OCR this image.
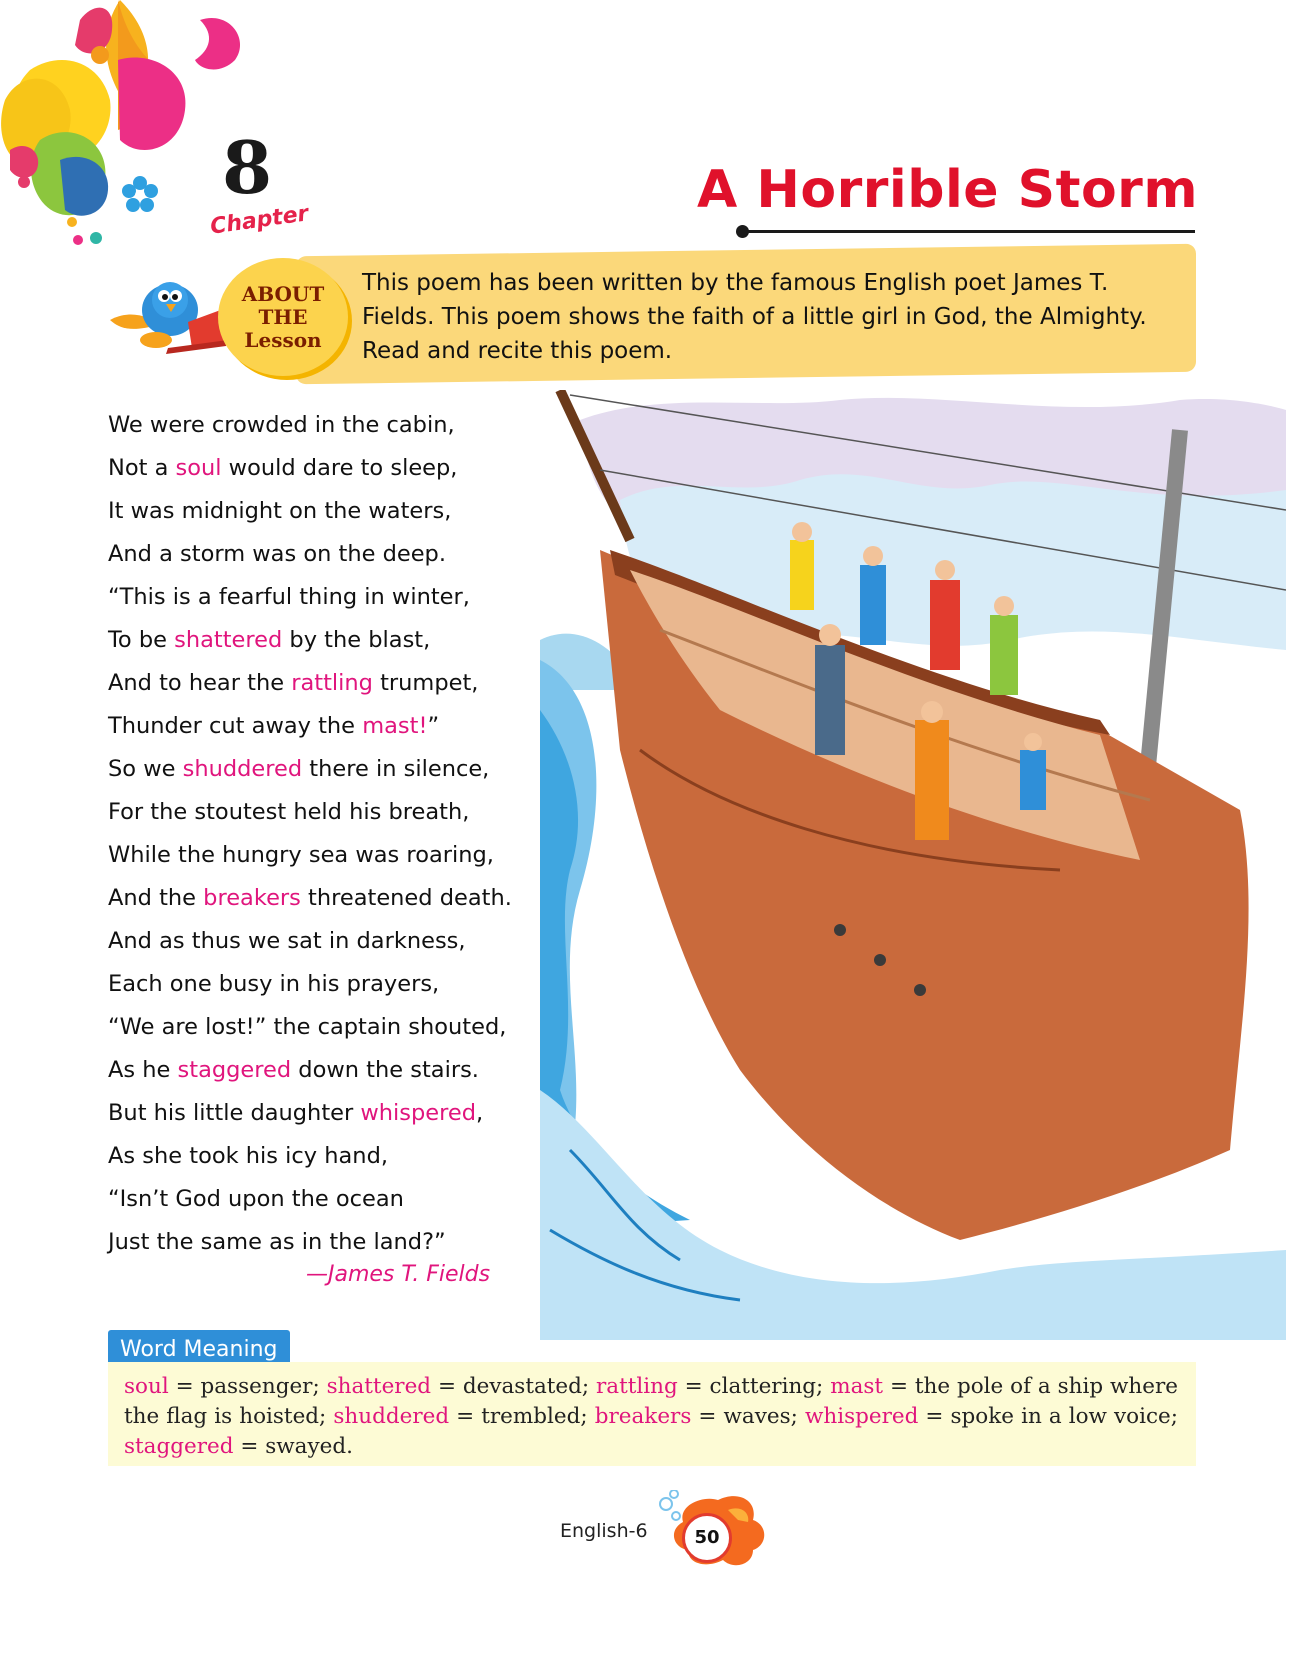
8
Chapter
A Horrible Storm
ABOUT
THE
Lesson
This poem has been written by the famous English poet James T. Fields. This poem shows the faith of a little girl in God, the Almighty. Read and recite this poem.
We were crowded in the cabin,
Not a soul would dare to sleep,
It was midnight on the waters,
And a storm was on the deep.
“This is a fearful thing in winter,
To be shattered by the blast,
And to hear the rattling trumpet,
Thunder cut away the mast!”
So we shuddered there in silence,
For the stoutest held his breath,
While the hungry sea was roaring,
And the breakers threatened death.
And as thus we sat in darkness,
Each one busy in his prayers,
“We are lost!” the captain shouted,
As he staggered down the stairs.
But his little daughter whispered,
As she took his icy hand,
“Isn’t God upon the ocean
Just the same as in the land?”
—James T. Fields
Word Meaning
soul = passenger; shattered = devastated; rattling = clattering; mast = the pole of a ship where the flag is hoisted; shuddered = trembled; breakers = waves; whispered = spoke in a low voice; staggered = swayed.
English-6	50
